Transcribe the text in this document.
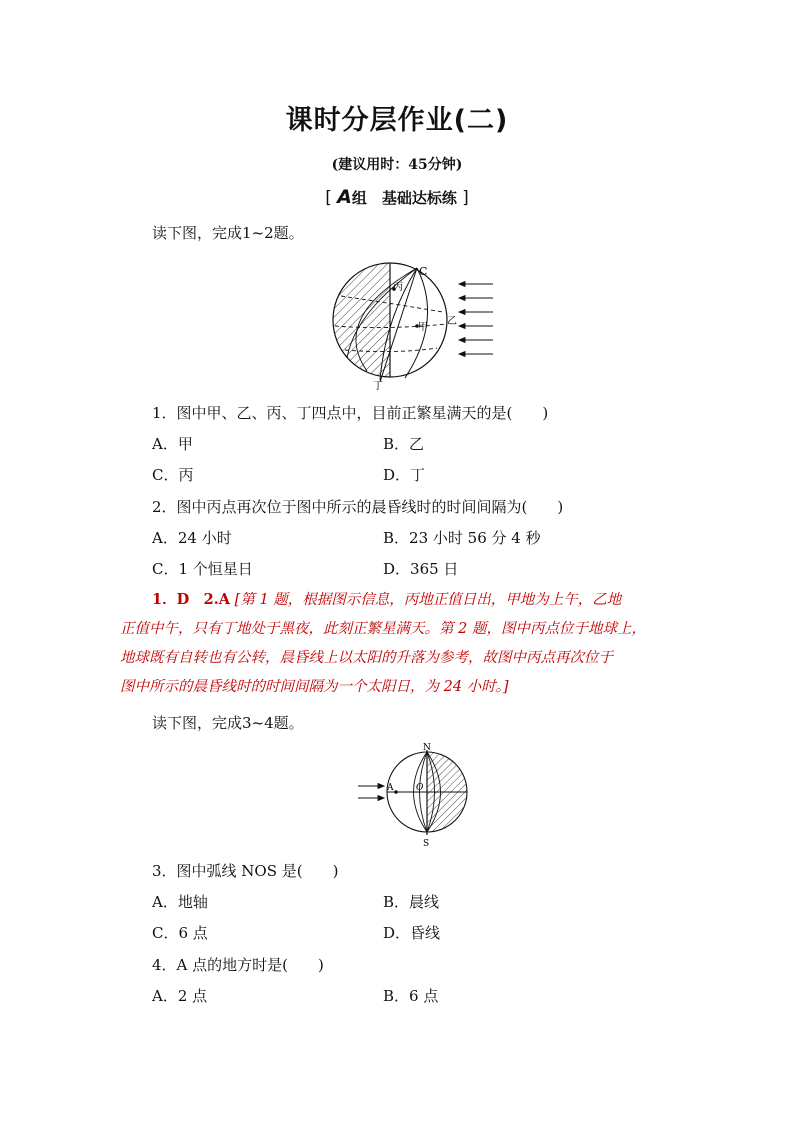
课时分层作业(二)
(建议用时：45分钟)
[ A组　基础达标练 ]
读下图，完成1~2题。
C
丙
甲
乙
丁
1．图中甲、乙、丙、丁四点中，目前正繁星满天的是(　　)
A．甲	B．乙
C．丙	D．丁
2．图中丙点再次位于图中所示的晨昏线时的时间间隔为(　　)
A．24 小时	B．23 小时 56 分 4 秒
C．1 个恒星日	D．365 日
1．D　2.A [第 1 题，根据图示信息，丙地正值日出，甲地为上午，乙地
正值中午，只有丁地处于黑夜，此刻正繁星满天。第 2 题，图中丙点位于地球上，
地球既有自转也有公转，晨昏线上以太阳的升落为参考，故图中丙点再次位于
图中所示的晨昏线时的时间间隔为一个太阳日，为 24 小时。]
读下图，完成3~4题。
N
S
A	O
3．图中弧线 NOS 是(　　)
A．地轴	B．晨线
C．6 点	D．昏线
4．A 点的地方时是(　　)
A．2 点	B．6 点
